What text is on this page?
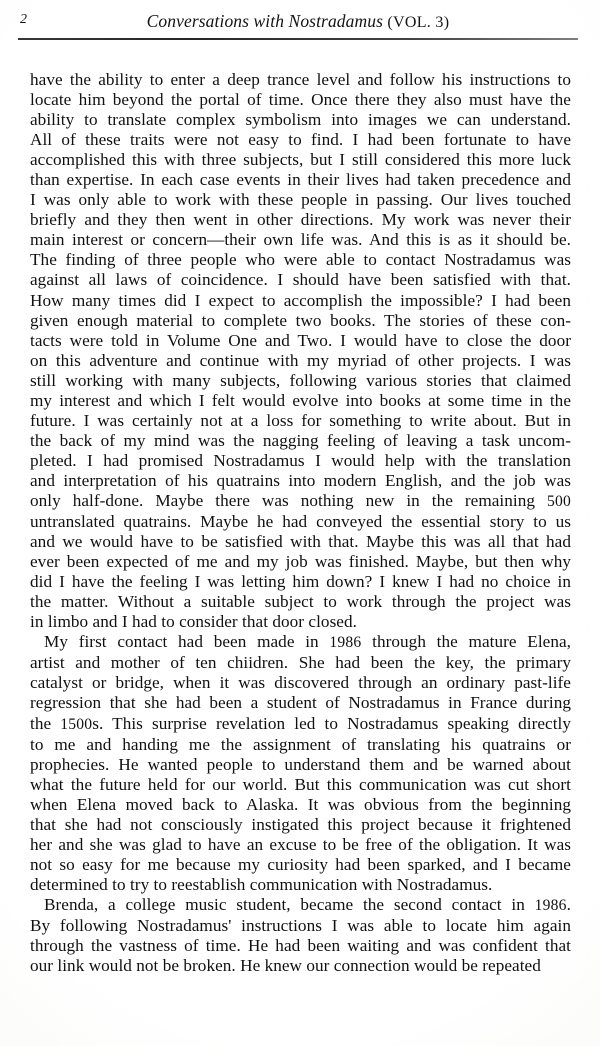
2	Conversations with Nostradamus (VOL. 3)

have the ability to enter a deep trance level and follow his instructions to
locate him beyond the portal of time. Once there they also must have the
ability to translate complex symbolism into images we can understand.
All of these traits were not easy to find. I had been fortunate to have
accomplished this with three subjects, but I still considered this more luck
than expertise. In each case events in their lives had taken precedence and
I was only able to work with these people in passing. Our lives touched
briefly and they then went in other directions. My work was never their
main interest or concern—their own life was. And this is as it should be.
The finding of three people who were able to contact Nostradamus was
against all laws of coincidence. I should have been satisfied with that.
How many times did I expect to accomplish the impossible? I had been
given enough material to complete two books. The stories of these con-
tacts were told in Volume One and Two. I would have to close the door
on this adventure and continue with my myriad of other projects. I was
still working with many subjects, following various stories that claimed
my interest and which I felt would evolve into books at some time in the
future. I was certainly not at a loss for something to write about. But in
the back of my mind was the nagging feeling of leaving a task uncom-
pleted. I had promised Nostradamus I would help with the translation
and interpretation of his quatrains into modern English, and the job was
only half-done. Maybe there was nothing new in the remaining 500
untranslated quatrains. Maybe he had conveyed the essential story to us
and we would have to be satisfied with that. Maybe this was all that had
ever been expected of me and my job was finished. Maybe, but then why
did I have the feeling I was letting him down? I knew I had no choice in
the matter. Without a suitable subject to work through the project was
in limbo and I had to consider that door closed.

My first contact had been made in 1986 through the mature Elena,
artist and mother of ten chiidren. She had been the key, the primary
catalyst or bridge, when it was discovered through an ordinary past-life
regression that she had been a student of Nostradamus in France during
the 1500s. This surprise revelation led to Nostradamus speaking directly
to me and handing me the assignment of translating his quatrains or
prophecies. He wanted people to understand them and be warned about
what the future held for our world. But this communication was cut short
when Elena moved back to Alaska. It was obvious from the beginning
that she had not consciously instigated this project because it frightened
her and she was glad to have an excuse to be free of the obligation. It was
not so easy for me because my curiosity had been sparked, and I became
determined to try to reestablish communication with Nostradamus.

Brenda, a college music student, became the second contact in 1986.
By following Nostradamus' instructions I was able to locate him again
through the vastness of time. He had been waiting and was confident that
our link would not be broken. He knew our connection would be repeated
